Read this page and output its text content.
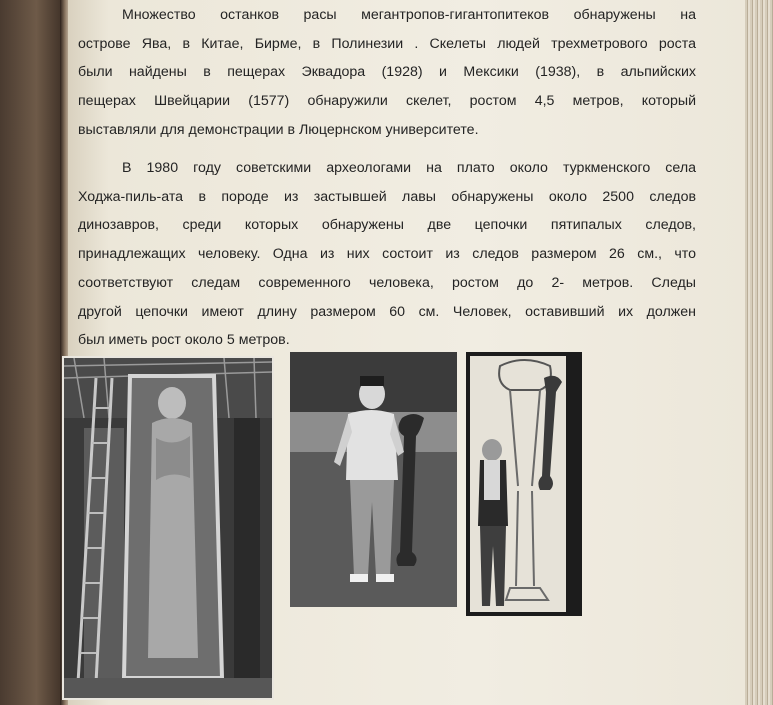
Множество останков расы мегантропов-гигантопитеков обнаружены на
острове Ява, в Китае, Бирме, в Полинезии . Скелеты людей трехметрового роста
были найдены в пещерах Эквадора (1928) и Мексики (1938), в альпийских
пещерах Швейцарии (1577) обнаружили скелет, ростом 4,5 метров, который
выставляли для демонстрации в Люцернском университете.
В 1980 году советскими археологами на плато около туркменского села
Ходжа-пиль-ата в породе из застывшей лавы обнаружены около 2500 следов
динозавров, среди которых обнаружены две цепочки пятипалых следов,
принадлежащих человеку. Одна из них состоит из следов размером 26 см., что
соответствуют следам современного человека, ростом до 2- метров. Следы
другой цепочки имеют длину размером 60 см. Человек, оставивший их должен
был иметь рост около 5 метров.
